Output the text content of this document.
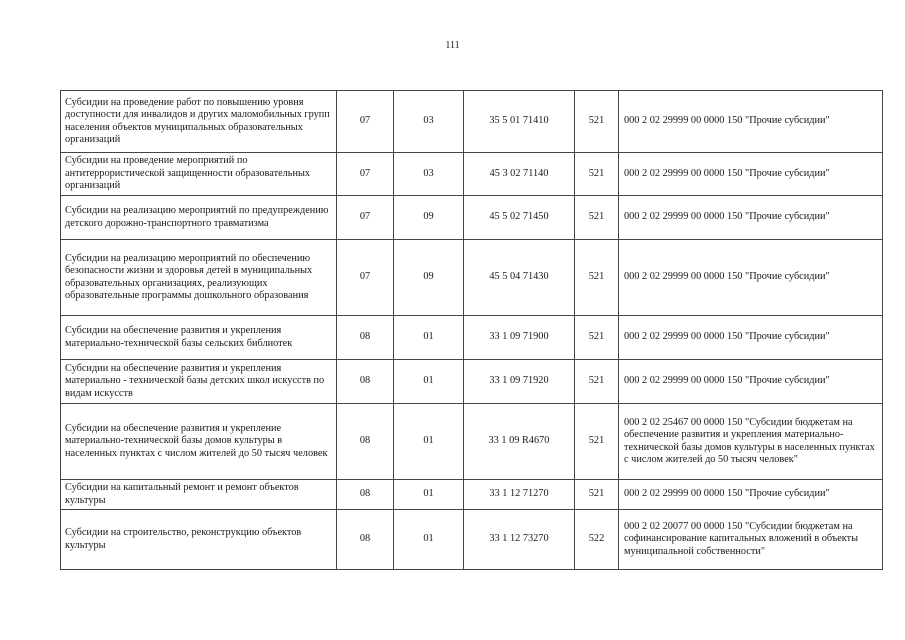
111
Субсидии на проведение работ по повышению уровня доступности для инвалидов и других маломобильных групп населения объектов муниципальных образовательных организаций	07	03	35 5 01 71410	521	000 2 02 29999 00 0000 150 "Прочие субсидии"
Субсидии на проведение мероприятий по антитеррористической защищенности образовательных организаций	07	03	45 3 02 71140	521	000 2 02 29999 00 0000 150 "Прочие субсидии"
Субсидии на реализацию мероприятий по предупреждению детского дорожно-транспортного травматизма	07	09	45 5 02 71450	521	000 2 02 29999 00 0000 150 "Прочие субсидии"
Субсидии на реализацию мероприятий по обеспечению безопасности жизни и здоровья детей в муниципальных образовательных организациях, реализующих образовательные программы дошкольного образования	07	09	45 5 04 71430	521	000 2 02 29999 00 0000 150 "Прочие субсидии"
Субсидии на обеспечение развития и укрепления материально-технической базы сельских библиотек	08	01	33 1 09 71900	521	000 2 02 29999 00 0000 150 "Прочие субсидии"
Субсидии на обеспечение развития и укрепления материально - технической базы детских школ искусств по видам искусств	08	01	33 1 09 71920	521	000 2 02 29999 00 0000 150 "Прочие субсидии"
Субсидии на обеспечение развития и укрепление материально-технической базы домов культуры в населенных пунктах с числом жителей до 50 тысяч человек	08	01	33 1 09 R4670	521	000 2 02 25467 00 0000 150 "Субсидии бюджетам на обеспечение развития и укрепления материально-технической базы домов культуры в населенных пунктах с числом жителей до 50 тысяч человек"
Субсидии на капитальный ремонт и ремонт объектов культуры	08	01	33 1 12 71270	521	000 2 02 29999 00 0000 150 "Прочие субсидии"
Субсидии на строительство, реконструкцию объектов культуры	08	01	33 1 12 73270	522	000 2 02 20077 00 0000 150 "Субсидии бюджетам на софинансирование капитальных вложений в объекты муниципальной собственности"
